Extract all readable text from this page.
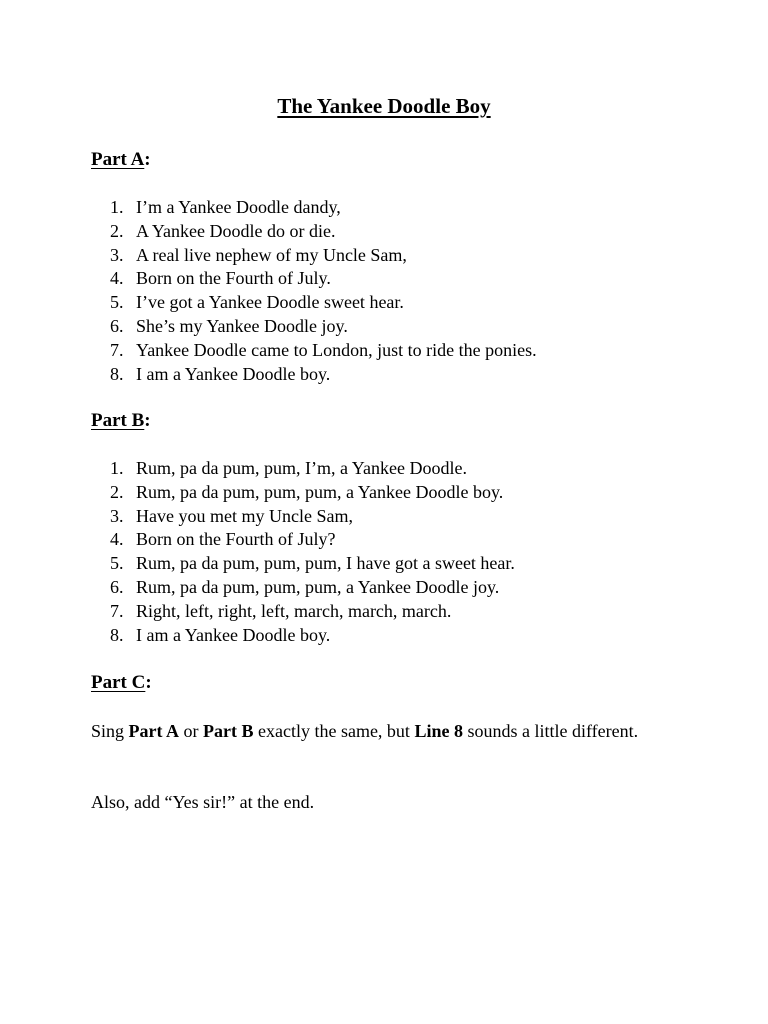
The Yankee Doodle Boy

Part A:

1. I’m a Yankee Doodle dandy,
2. A Yankee Doodle do or die.
3. A real live nephew of my Uncle Sam,
4. Born on the Fourth of July.
5. I’ve got a Yankee Doodle sweet hear.
6. She’s my Yankee Doodle joy.
7. Yankee Doodle came to London, just to ride the ponies.
8. I am a Yankee Doodle boy.

Part B:

1. Rum, pa da pum, pum, I’m, a Yankee Doodle.
2. Rum, pa da pum, pum, pum, a Yankee Doodle boy.
3. Have you met my Uncle Sam,
4. Born on the Fourth of July?
5. Rum, pa da pum, pum, pum, I have got a sweet hear.
6. Rum, pa da pum, pum, pum, a Yankee Doodle joy.
7. Right, left, right, left, march, march, march.
8. I am a Yankee Doodle boy.

Part C:

Sing Part A or Part B exactly the same, but Line 8 sounds a little different.

Also, add “Yes sir!” at the end.
